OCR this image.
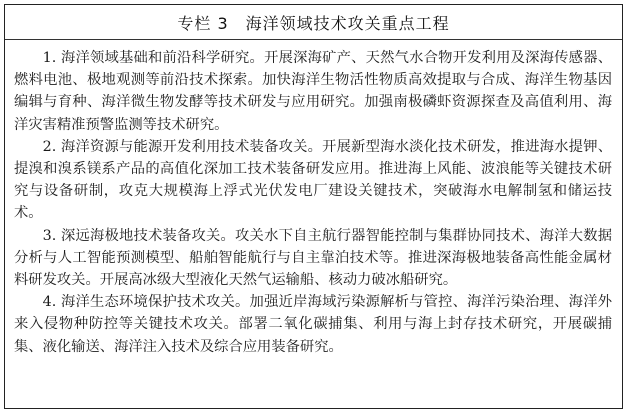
专栏 3　海洋领域技术攻关重点工程

1. 海洋领域基础和前沿科学研究。开展深海矿产、天然气水合物开发利用及深海传感器、燃料电池、极地观测等前沿技术探索。加快海洋生物活性物质高效提取与合成、海洋生物基因编辑与育种、海洋微生物发酵等技术研发与应用研究。加强南极磷虾资源探查及高值利用、海洋灾害精准预警监测等技术研究。

2. 海洋资源与能源开发利用技术装备攻关。开展新型海水淡化技术研发，推进海水提钾、提溴和溴系镁系产品的高值化深加工技术装备研发应用。推进海上风能、波浪能等关键技术研究与设备研制，攻克大规模海上浮式光伏发电厂建设关键技术，突破海水电解制氢和储运技术。

3. 深远海极地技术装备攻关。攻关水下自主航行器智能控制与集群协同技术、海洋大数据分析与人工智能预测模型、船舶智能航行与自主靠泊技术等。推进深海极地装备高性能金属材料研发攻关。开展高冰级大型液化天然气运输船、核动力破冰船研究。

4. 海洋生态环境保护技术攻关。加强近岸海域污染源解析与管控、海洋污染治理、海洋外来入侵物种防控等关键技术攻关。部署二氧化碳捕集、利用与海上封存技术研究，开展碳捕集、液化输送、海洋注入技术及综合应用装备研究。
